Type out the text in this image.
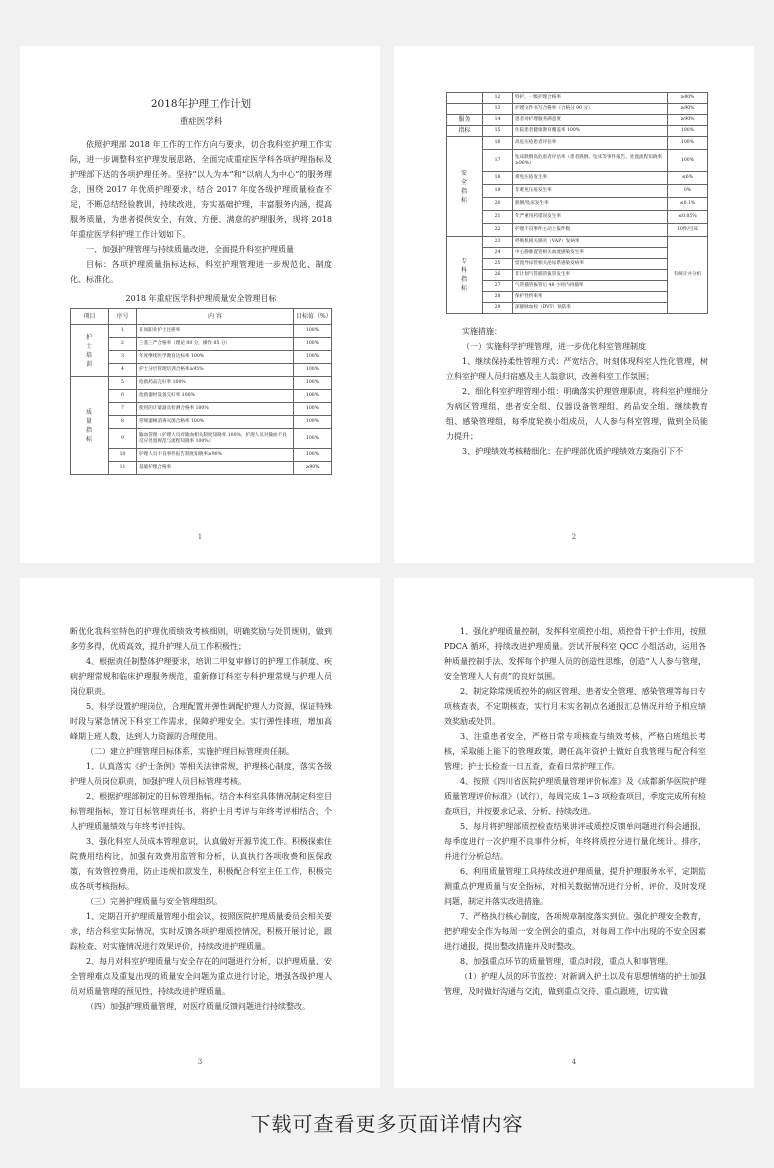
2018年护理工作计划

重症医学科

依照护理部 2018 年工作的工作方向与要求，切合我科室护理工作实际，进一步调整科室护理发展思路，全面完成重症医学科各项护理指标及护理部下达的各项护理任务。坚持“以人为本”和“以病人为中心”的服务理念，围绕 2017 年优质护理要求，结合 2017 年度各级护理质量检查不足，不断总结经验教训，持续改进，夯实基础护理，丰富服务内涵，提高服务质量，为患者提供安全、有效、方便、满意的护理服务，现将 2018 年重症医学科护理工作计划如下。

一、加强护理管理与持续质量改进，全面提升科室护理质量

目标：各项护理质量指标达标，科室护理管理进一步规范化、制度化、标准化。

2018 年重症医学科护理质量安全管理目标

项目	序号	内 容	目标值（%）
护士培训	1	在岗职业护士注册率	100%
	2	三基三严合格率（理论 80 分，操作 85 分）	100%
	3	年度继续医学教育达标率 100%	100%
	4	护士分层管理培训合格率≥95%	100%
质量指标	5	抢救药品完好率 100%	100%
	6	抢救器材设备完好率 100%	100%
	7	使用的计量器具检测合格率 100%	100%
	8	常规器械消毒灭菌合格率 100%	100%
	9	输血管理（护理人员对输血相关制度知晓率 100%，护理人员对输血不良反应处置规范与流程知晓率 100%）	100%
	10	护理人员不良事件报告制度知晓率≥90%	100%
	11	基础护理合格率	≥90%
1
	12	特护、一级护理合格率	≥80%
	13	护理文件书写合格率（合格分 90 分）	≥90%
服务	14	患者对护理服务满意度	≥90%
指标	15	住院患者健康教育覆盖率 100%	100%
安全指标	16	高危压疮患者评估率	100%
	17	坠床跌倒高危患者评估率（患者跌倒、坠床等事件报告、处置流程知晓率≥90%）	100%
	18	难免压疮发生率	≤6%
	19	非难免压疮发生率	0%
	20	跌倒/坠床发生率	≤0.1%
	21	年严重用药错误发生率	≤0.05%
	22	护理不良事件主动上报件数	10件/百床
专科指标	23	呼吸机相关肺炎（VAP）发病率	有统计并分析
	24	中心静脉置管相关血流感染发生率	
	25	留置导尿管相关泌尿系感染发病率	
	26	非计划气管插管拔管发生率	
	27	气管插管拔管后 48 小时内再插率	
	28	保护性约束率	
	29	深静脉血栓（DVT）预防率	

实施措施：

（一）实施科学护理管理，进一步优化科室管理制度

1、继续保持柔性管理方式：严宽结合，时刻体现科室人性化管理，树立科室护理人员归宿感及主人翁意识，改善科室工作氛围；

2、细化科室护理管理小组：明确落实护理管理职责，将科室护理细分为病区管理组、患者安全组、仪器设备管理组、药品安全组、继续教育组、感染管理组，每季度轮换小组成员，人人参与科室管理，做到全员能力提升；

3、护理绩效考核精细化：在护理部优质护理绩效方案指引下不

2

断优化我科室特色的护理优质绩效考核细则，明确奖励与处罚规则，做到多劳多得，优质高效，提升护理人员工作积极性；

4、根据责任制整体护理要求，培训二甲复审修订的护理工作制度、疾病护理常规和临床护理服务规范，重新修订科室专科护理常规与护理人员岗位职责。

5、科学设置护理岗位，合理配置并弹性调配护理人力资源，保证特殊时段与紧急情况下科室工作需求，保障护理安全。实行弹性排班，增加高峰期上班人数，达到人力资源的合理使用。

（二）建立护理管理目标体系，实施护理目标管理责任制。

1、认真落实《护士条例》等相关法律常规，护理核心制度，落实各级护理人员岗位职责，加强护理人员目标管理考核。

2、根据护理部制定的目标管理指标，结合本科室具体情况制定科室目标管理指标，签订目标管理责任书，将护士月考评与年终考评相结合，个人护理质量绩效与年终考评挂钩。

3、强化科室人员成本管理意识，认真做好开源节流工作。积极探索住院费用结构比，加强有效费用监管和分析，认真执行各项收费和医保政策，有效管控费用，防止违规扣款发生，积极配合科室主任工作，积极完成各项考核指标。

（三）完善护理质量与安全管理组织。

1、定期召开护理质量管理小组会议，按照医院护理质量委员会相关要求，结合科室实际情况，实时反馈各项护理质控情况，积极开展讨论，跟踪检查、对实施情况进行效果评价，持续改进护理质量。

2、每月对科室护理质量与安全存在的问题进行分析，以护理质量、安全管理难点及重复出现的质量安全问题为重点进行讨论，增强各级护理人员对质量管理的预见性，持续改进护理质量。

（四）加强护理质量管理，对医疗质量反馈问题进行持续整改。

3

1、强化护理质量控制，发挥科室质控小组、质控骨干护士作用，按照 PDCA 循环，持续改进护理质量。尝试开展科室 QCC 小组活动，运用各种质量控制手法、发挥每个护理人员的创造性思维，创造“人人参与管理，安全管理人人有责”的良好氛围。

2、制定除常规质控外的病区管理、患者安全管理、感染管理等每日专项核查表，不定期核查，实行月末实名制点名通报汇总情况并给予相应绩效奖励或处罚。

3、注重患者安全，严格日常专项核查与绩效考核，严格白班组长考核，采取能上能下的管理政策，聘任高年资护士做好自我管理与配合科室管理；护士长检查一日五查，查看日常护理工作。

4、按照《四川省医院护理质量管理评价标准》及《成都新华医院护理质量管理评价标准》（试行），每周完成 1~3 项检查项目，季度完成所有检查项目，并按要求记录、分析、持续改进。

5、每月将护理部质控检查结果讲评或质控反馈单问题进行科会通报，每季度进行一次护理不良事件分析，年终将质控分进行量化统计、排序，并进行分析总结。

6、利用质量管理工具持续改进护理质量，提升护理服务水平，定期监测重点护理质量与安全指标，对相关数据情况进行分析、评价、及时发现问题，制定并落实改进措施。

7、严格执行核心制度，各项规章制度落实到位。强化护理安全教育，把护理安全作为每周一安全例会的重点，对每周工作中出现的不安全因素进行通报，提出整改措施并及时整改。

8、加强重点环节的质量管理，重点时段，重点人和事管理。

（1）护理人员的环节监控：对新调入护士以及有思想情绪的护士加强管理，及时做好沟通与交流，做到重点交待、重点跟班，切实做

4
下载可查看更多页面详情内容
